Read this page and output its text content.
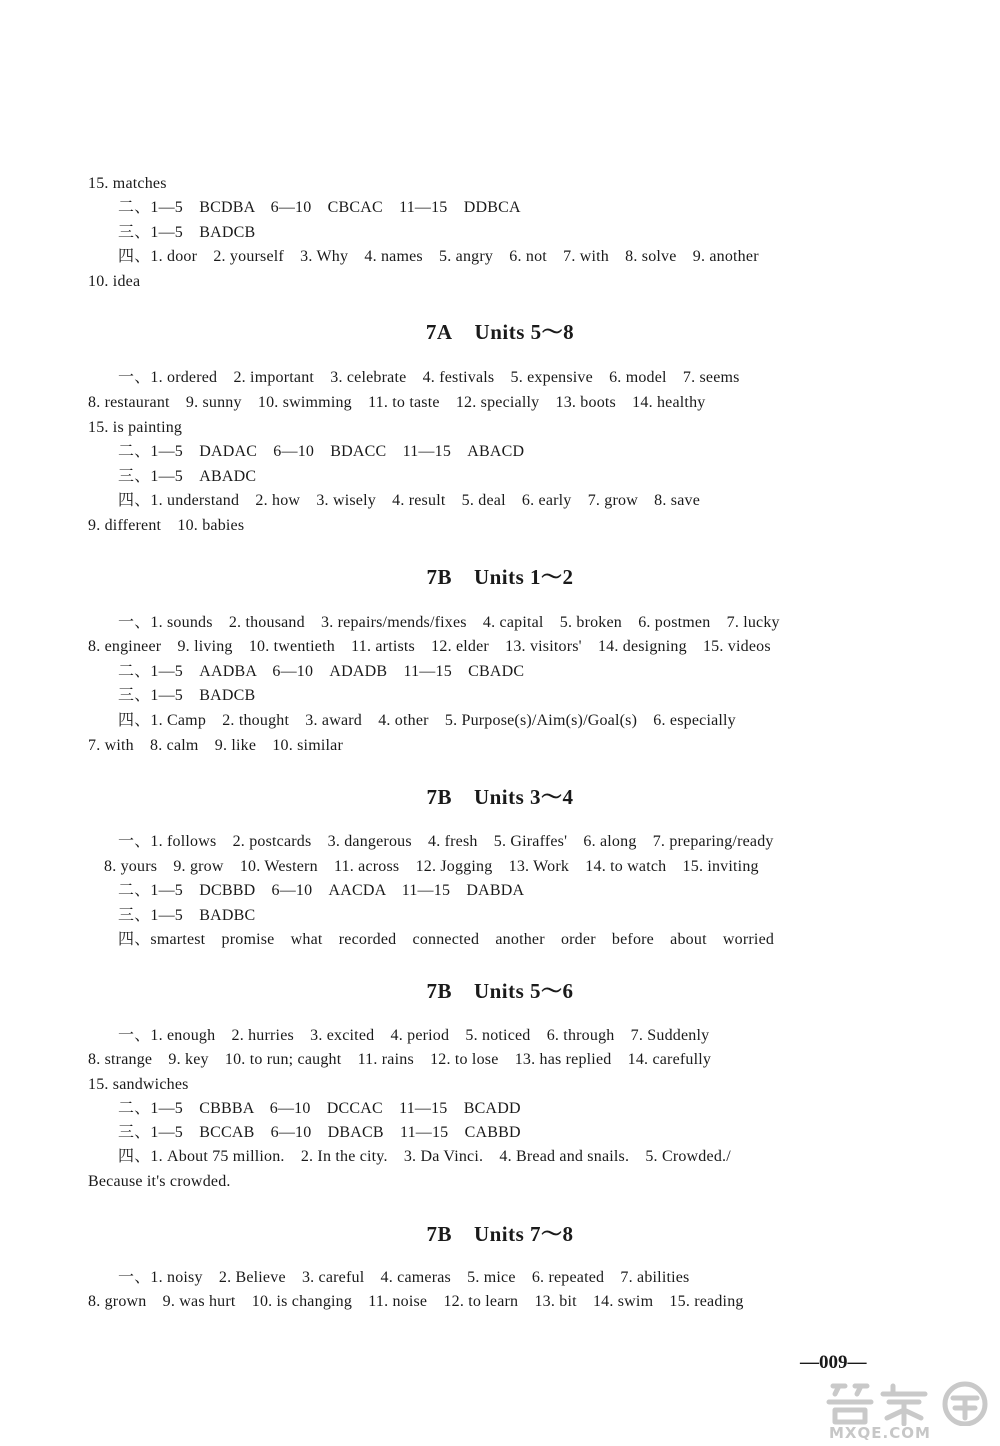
15. matches
二、1—5　BCDBA　6—10　CBCAC　11—15　DDBCA
三、1—5　BADCB
四、1. door　2. yourself　3. Why　4. names　5. angry　6. not　7. with　8. solve　9. another
10. idea
7A Units 5～8
一、1. ordered　2. important　3. celebrate　4. festivals　5. expensive　6. model　7. seems
8. restaurant　9. sunny　10. swimming　11. to taste　12. specially　13. boots　14. healthy
15. is painting
二、1—5　DADAC　6—10　BDACC　11—15　ABACD
三、1—5　ABADC
四、1. understand　2. how　3. wisely　4. result　5. deal　6. early　7. grow　8. save
9. different　10. babies
7B Units 1～2
一、1. sounds　2. thousand　3. repairs/mends/fixes　4. capital　5. broken　6. postmen　7. lucky
8. engineer　9. living　10. twentieth　11. artists　12. elder　13. visitors'　14. designing　15. videos
二、1—5　AADBA　6—10　ADADB　11—15　CBADC
三、1—5　BADCB
四、1. Camp　2. thought　3. award　4. other　5. Purpose(s)/Aim(s)/Goal(s)　6. especially
7. with　8. calm　9. like　10. similar
7B Units 3～4
一、1. follows　2. postcards　3. dangerous　4. fresh　5. Giraffes'　6. along　7. preparing/ready
8. yours　9. grow　10. Western　11. across　12. Jogging　13. Work　14. to watch　15. inviting
二、1—5　DCBBD　6—10　AACDA　11—15　DABDA
三、1—5　BADBC
四、smartest　promise　what　recorded　connected　another　order　before　about　worried
7B Units 5～6
一、1. enough　2. hurries　3. excited　4. period　5. noticed　6. through　7. Suddenly
8. strange　9. key　10. to run; caught　11. rains　12. to lose　13. has replied　14. carefully
15. sandwiches
二、1—5　CBBBA　6—10　DCCAC　11—15　BCADD
三、1—5　BCCAB　6—10　DBACB　11—15　CABBD
四、1. About 75 million.　2. In the city.　3. Da Vinci.　4. Bread and snails.　5. Crowded./
Because it's crowded.
7B Units 7～8
一、1. noisy　2. Believe　3. careful　4. cameras　5. mice　6. repeated　7. abilities
8. grown　9. was hurt　10. is changing　11. noise　12. to learn　13. bit　14. swim　15. reading
—009—
MXQE.COM
